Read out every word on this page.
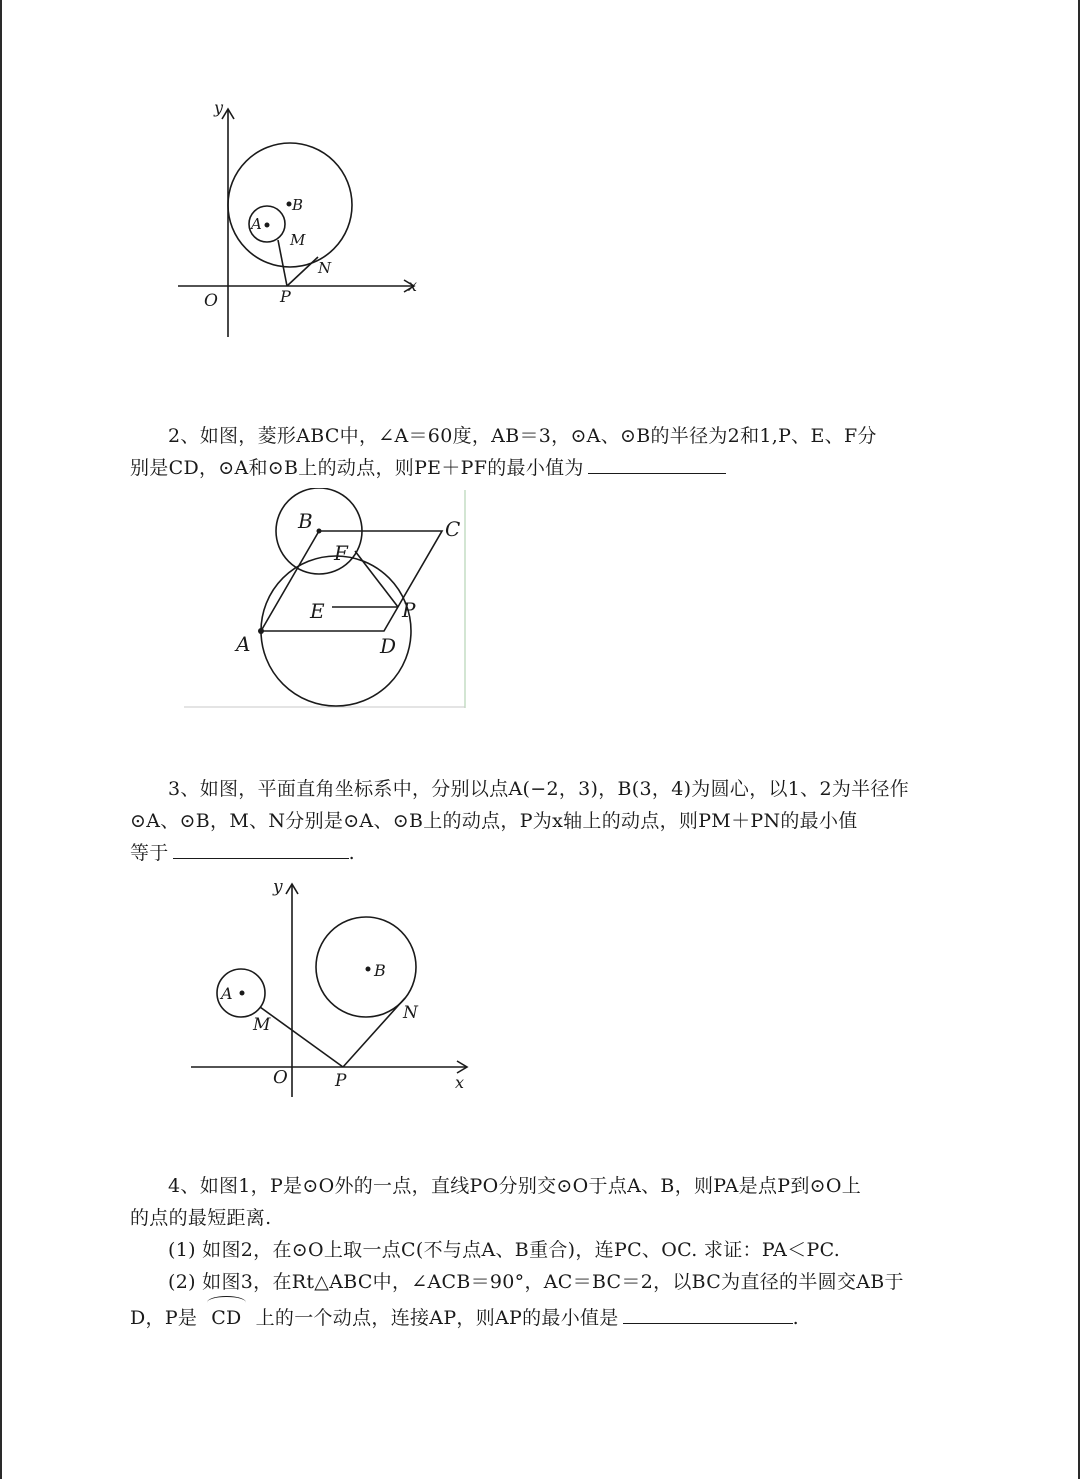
y
x
O	P
A
B
M
N
2、如图，菱形ABC中，∠A＝60度，AB＝3，⊙A、⊙B的半径为2和1,P、E、F分
别是CD，⊙A和⊙B上的动点，则PE＋PF的最小值为
A
B	C
D
E
F
P
3、如图，平面直角坐标系中，分别以点A(−2，3)，B(3，4)为圆心，以1、2为半径作
⊙A、⊙B，M、N分别是⊙A、⊙B上的动点，P为x轴上的动点，则PM＋PN的最小值
等于	.
y
x
O	P
A
B
M
N
4、如图1，P是⊙O外的一点，直线PO分别交⊙O于点A、B，则PA是点P到⊙O上
的点的最短距离.
(1) 如图2，在⊙O上取一点C(不与点A、B重合)，连PC、OC. 求证：PA＜PC.
(2) 如图3，在Rt△ABC中，∠ACB＝90°，AC＝BC＝2，以BC为直径的半圆交AB于
D，P是 CD 上的一个动点，连接AP，则AP的最小值是	.
